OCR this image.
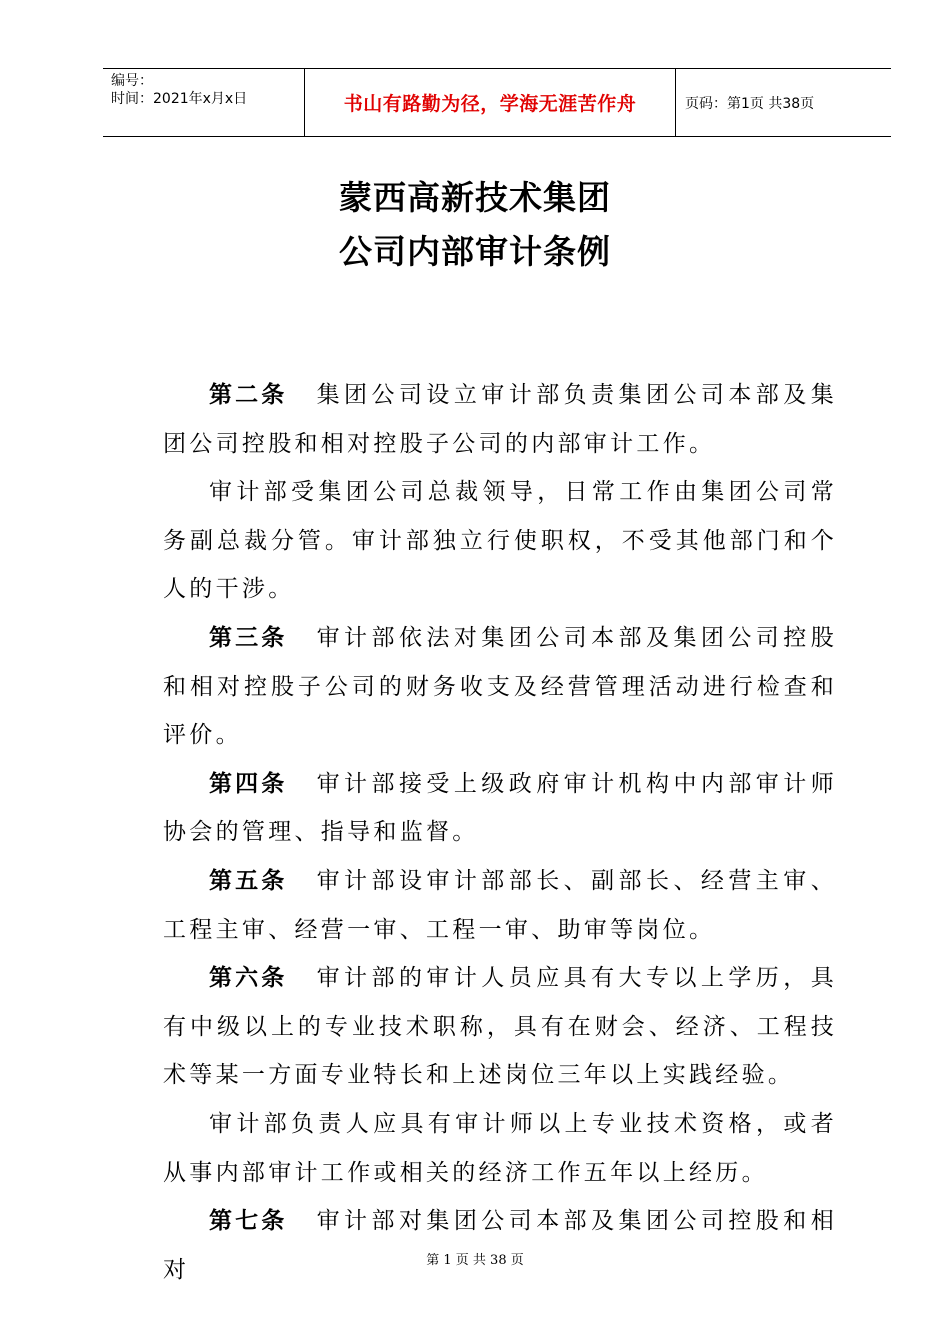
编号：
时间：2021年x月x日	书山有路勤为径，学海无涯苦作舟	页码：第1页 共38页
蒙西高新技术集团
公司内部审计条例

第二条 集团公司设立审计部负责集团公司本部及集团公司控股和相对控股子公司的内部审计工作。

审计部受集团公司总裁领导，日常工作由集团公司常务副总裁分管。审计部独立行使职权，不受其他部门和个人的干涉。

第三条 审计部依法对集团公司本部及集团公司控股和相对控股子公司的财务收支及经营管理活动进行检查和评价。

第四条 审计部接受上级政府审计机构中内部审计师协会的管理、指导和监督。

第五条 审计部设审计部部长、副部长、经营主审、工程主审、经营一审、工程一审、助审等岗位。

第六条 审计部的审计人员应具有大专以上学历，具有中级以上的专业技术职称，具有在财会、经济、工程技术等某一方面专业特长和上述岗位三年以上实践经验。

审计部负责人应具有审计师以上专业技术资格，或者从事内部审计工作或相关的经济工作五年以上经历。

第七条 审计部对集团公司本部及集团公司控股和相对	第 1 页 共 38 页
